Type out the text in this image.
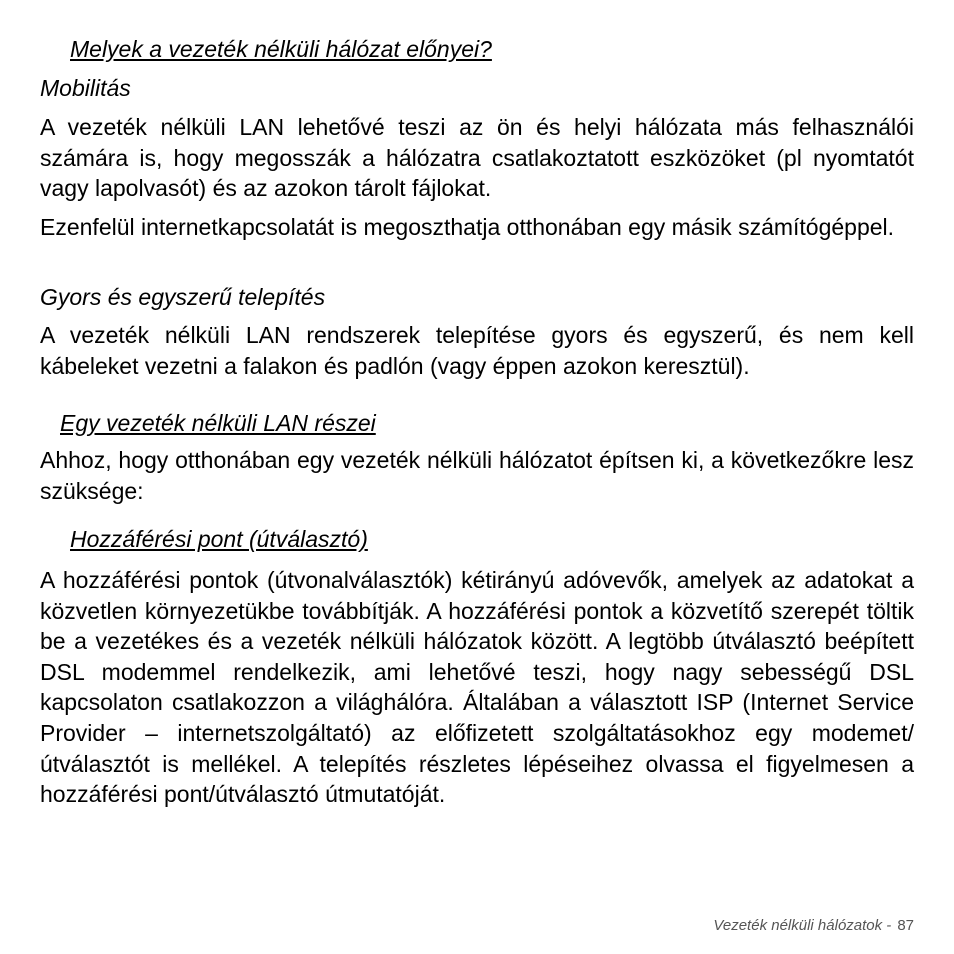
Melyek a vezeték nélküli hálózat előnyei?
Mobilitás

A vezeték nélküli LAN lehetővé teszi az ön és helyi hálózata más felhasználói számára is, hogy megosszák a hálózatra csatlakoztatott eszközöket (pl nyomtatót vagy lapolvasót) és az azokon tárolt fájlokat.

Ezenfelül internetkapcsolatát is megoszthatja otthonában egy másik számítógéppel.

Gyors és egyszerű telepítés

A vezeték nélküli LAN rendszerek telepítése gyors és egyszerű, és nem kell kábeleket vezetni a falakon és padlón (vagy éppen azokon keresztül).

Egy vezeték nélküli LAN részei

Ahhoz, hogy otthonában egy vezeték nélküli hálózatot építsen ki, a következőkre lesz szüksége:

Hozzáférési pont (útválasztó)

A hozzáférési pontok (útvonalválasztók) kétirányú adóvevők, amelyek az adatokat a közvetlen környezetükbe továbbítják. A hozzáférési pontok a közvetítő szerepét töltik be a vezetékes és a vezeték nélküli hálózatok között. A legtöbb útválasztó beépített DSL modemmel rendelkezik, ami lehetővé teszi, hogy nagy sebességű DSL kapcsolaton csatlakozzon a világhálóra. Általában a választott ISP (Internet Service Provider – internetszolgáltató) az előfizetett szolgáltatásokhoz egy modemet/ útválasztót is mellékel. A telepítés részletes lépéseihez olvassa el figyelmesen a hozzáférési pont/útválasztó útmutatóját.

Vezeték nélküli hálózatok - 87
